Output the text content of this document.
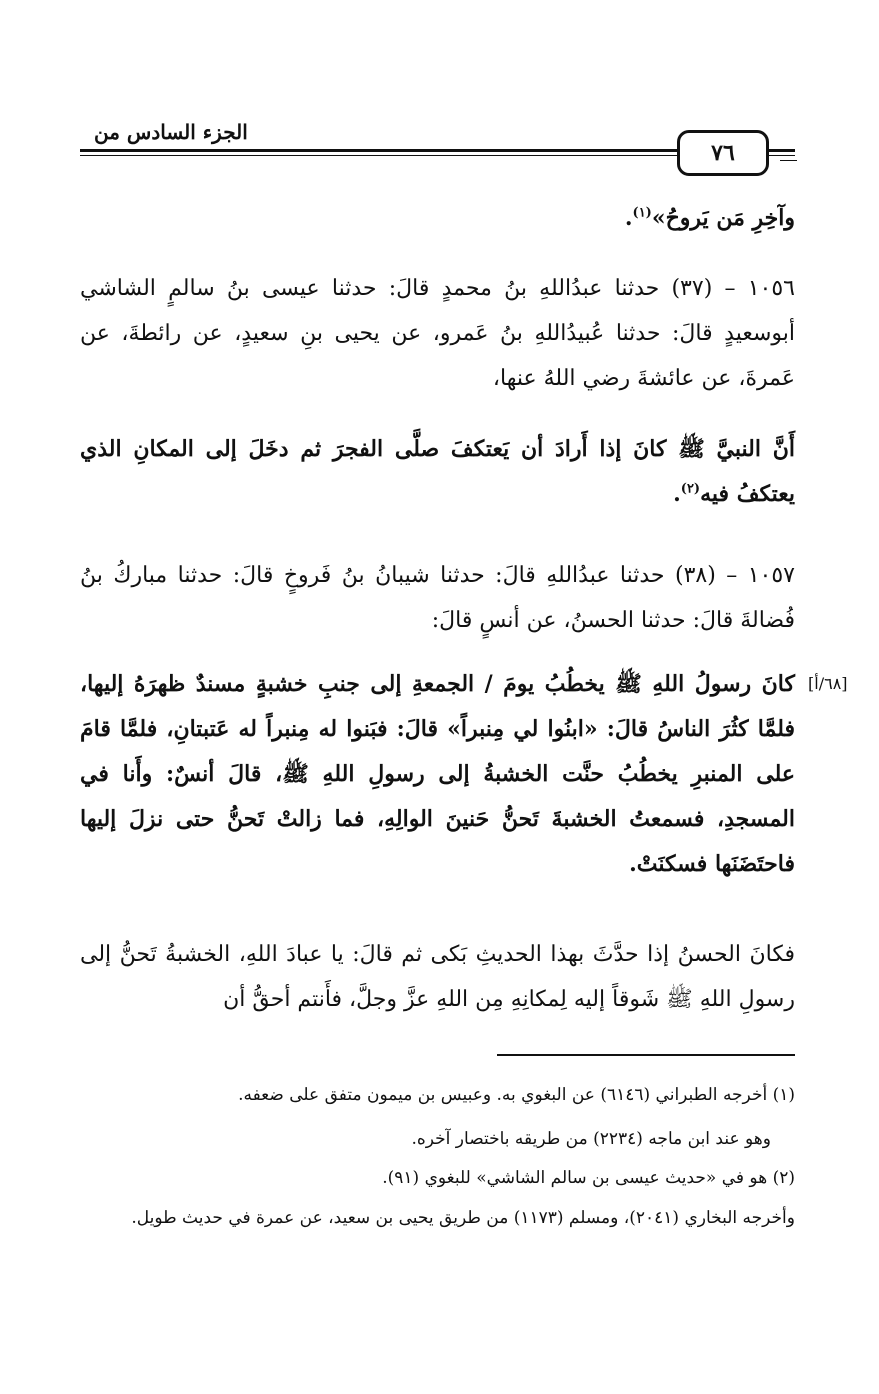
الجزء السادس من
٧٦
وآخِرِ مَن يَروحُ»$^{(١)}$.
١٠٥٦ – (٣٧) حدثنا عبدُاللهِ بنُ محمدٍ قالَ: حدثنا عيسى بنُ سالمٍ الشاشي أبوسعيدٍ قالَ: حدثنا عُبيدُاللهِ بنُ عَمرو، عن يحيى بنِ سعيدٍ، عن رائطةَ، عن عَمرةَ، عن عائشةَ رضي اللهُ عنها،
أَنَّ النبيَّ ﷺ كانَ إذا أَرادَ أن يَعتكفَ صلَّى الفجرَ ثم دخَلَ إلى المكانِ الذي يعتكفُ فيه$^{(٢)}$.
١٠٥٧ – (٣٨) حدثنا عبدُاللهِ قالَ: حدثنا شيبانُ بنُ فَروخٍ قالَ: حدثنا مباركُ بنُ فُضالةَ قالَ: حدثنا الحسنُ، عن أنسٍ قالَ:
[٦٨/أ]
كانَ رسولُ اللهِ ﷺ يخطُبُ يومَ / الجمعةِ إلى جنبِ خشبةٍ مسندٌ ظهرَهُ إليها، فلمَّا كثُرَ الناسُ قالَ: «ابنُوا لي مِنبراً» قالَ: فبَنوا له مِنبراً له عَتبتانِ، فلمَّا قامَ على المنبرِ يخطُبُ حنَّت الخشبةُ إلى رسولِ اللهِ ﷺ، قالَ أنسٌ: وأَنا في المسجدِ، فسمعتُ الخشبةَ تَحنُّ حَنينَ الوالِهِ، فما زالتْ تَحنُّ حتى نزلَ إليها فاحتَضَنَها فسكنَتْ.
فكانَ الحسنُ إذا حدَّثَ بهذا الحديثِ بَكى ثم قالَ: يا عبادَ اللهِ، الخشبةُ تَحنُّ إلى رسولِ اللهِ ﷺ شَوقاً إليه لِمكانِهِ مِن اللهِ عزَّ وجلَّ، فأَنتم أحقُّ أن
(١) أخرجه الطبراني (٦١٤٦) عن البغوي به. وعبيس بن ميمون متفق على ضعفه.
وهو عند ابن ماجه (٢٢٣٤) من طريقه باختصار آخره.
(٢) هو في «حديث عيسى بن سالم الشاشي» للبغوي (٩١).
وأخرجه البخاري (٢٠٤١)، ومسلم (١١٧٣) من طريق يحيى بن سعيد، عن عمرة في حديث طويل.
